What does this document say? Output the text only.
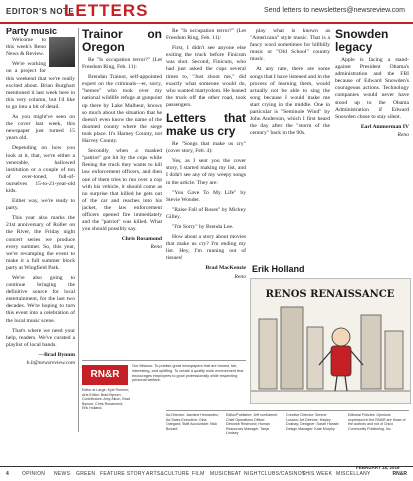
EDITOR'S NOTE
LETTERS	Send letters to newsletters@newsreview.com
Party music

Welcome to this week's Reno News & Review.

We're working on a project for this weekend that we're really excited about. Brian Burghart mentioned it last week here in this very column, but I'd like to go into a bit of detail.

As you might've seen on the cover last week, this newspaper just turned 15 years old.

Depending on how you look at it, that, we're either a venerable, hallowed institution or a couple of ton of over-toned, full-of-ourselves 15-to-21-year-old kids.

Either way, we're ready to party.

This year also marks the 21st anniversary of Roller on the River, the Friday night concert series we produce every summer. So, this year, we're revamping the event to make it a full summer block party at Wingfield Park.

We're also going to continue bringing the definitive source for local entertainment, for the last two decades. We're hoping to turn this event into a celebration of the local music scene.

That's where we need your help, readers. We've curated a playlist of local bands.

—Brad Bynum

b.b@newsreview.com

Trainor on Oregon

Re "Is occupation terror?" (Let Freedom Ring, Feb. 11):

Brendan Trainor, self-appointed expert on the criminals—er, sorry, "heroes" who took over my national wildlife refuge at gunpoint up there by Lake Malheur, knows so much about the situation that he doesn't even know the name of the doomed county where the siege took place. It's Harney County, not Harvey County.

Secondly when a masked "patriot" got hit by the cops while fleeing the truck they wants to kill law enforcement officers, and then one of them tries to run over a cop with his vehicle, it should come as no surprise that killed he gets out of the car and reaches into his jacket, the law enforcement officers opened fire immediately and the "patriot" was killed. What you should possibly say.

Chris Rosamond

Reno

Re "Is occupation terror?" (Let Freedom Ring, Feb. 11):

First, I didn't see anyone else exiting the truck before Finicum was shot. Second, Finicum, who had just asked the cops several times to, "Just shoot me," did exactly what someone would do, who wanted martyrdom. He leaned the truck off the other road, took passengers.

Letters that make us cry

Re "Songs that make us cry" (cover story, Feb. 4):

Yes, as I sent you the cover story, I started making my list, and I didn't see any of my weepy songs in the article. They are:

"You Gave To My Life" by Stevie Wonder.

"Raise Fall of Roses" by Mickey Gilley.

"I'm Sorry" by Brenda Lee.

How about a story about movies that make us cry? I'm ending my list. Hey, I'm running out of tissues!

Brad MacKenzie

Reno

play what is known as "Americana" style music. That is a fancy word sometimes for hillbilly music or "Old School" country music.

At any rate, there are some songs that I have listened and in the process of learning them, would actually not be able to sing the song because I would make me start crying in the middle. One in particular is "Seminole Wind" by John Anderson, which I first heard the day after the "storm of the century" back in the 90s.

Snowden legacy

Apple is facing a stand-against President Obama's administration and the FBI because of Edward Snowden's courageous actions. Technology companies would never have stood up to the Obama Administration if Edward Snowden chose to stay silent.

Earl Ammerman IV

Reno

Erik Holland
RENOS RENAISSANCE
RN&R
Our Mission: To publish great newspapers that are honest, fair, interesting, and uplifting. To create a quality work environment that encourages employees to grow professionally while respecting personal welfare.
Editor at Large: Kyle Roerink; Arts Editor: Brad Bynum; Contributors: Amy Alkon, Brad Bynum, Chris Rosamond, Erik Holland.
Ad Director: Jasmine Hernandez; Ad Sales Executive: Gina Odegard; Staff Accountant: Nick Bovard
Editor/Publisher: Jeff vonKaenel; Chief Operations Officer: Deborah Redmond; Human Resources Manager: Tanja Lindsey
Creative Director: Serene Lusano; Art Director: Hayley Doshay; Designer: Sarah Hansel; Design Manager: Kate Murphy
Editorial Policies: Opinions expressed in the RN&R are those of the authors and not of Chico Community Publishing, Inc.
4	OPINION NEWS GREEN FEATURE STORY ARTS&CULTURE FILM MUSICBEAT NIGHTCLUBS/CASINOS
THIS WEEK MISCELLANY
FEBRUARY 18, 2016
RN&R
